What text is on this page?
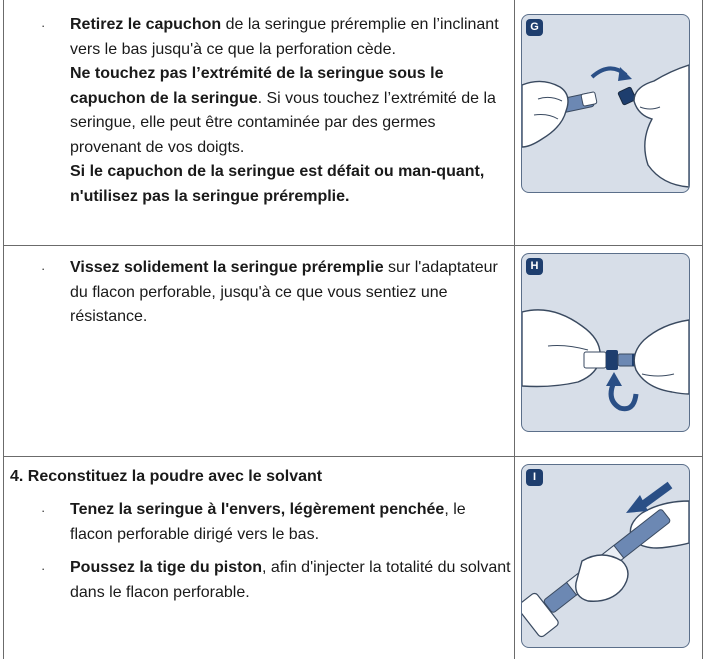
· Retirez le capuchon de la seringue préremplie en l’inclinant vers le bas jusqu'à ce que la perforation cède.
Ne touchez pas l’extrémité de la seringue sous le capuchon de la seringue. Si vous touchez l’extrémité de la seringue, elle peut être contaminée par des germes provenant de vos doigts.
Si le capuchon de la seringue est défait ou man-quant, n'utilisez pas la seringue préremplie.
· Vissez solidement la seringue préremplie sur l'adaptateur du flacon perforable, jusqu'à ce que vous sentiez une résistance.
4. Reconstituez la poudre avec le solvant
· Tenez la seringue à l'envers, légèrement penchée, le flacon perforable dirigé vers le bas.
· Poussez la tige du piston, afin d'injecter la totalité du solvant dans le flacon perforable.
G
H
I
